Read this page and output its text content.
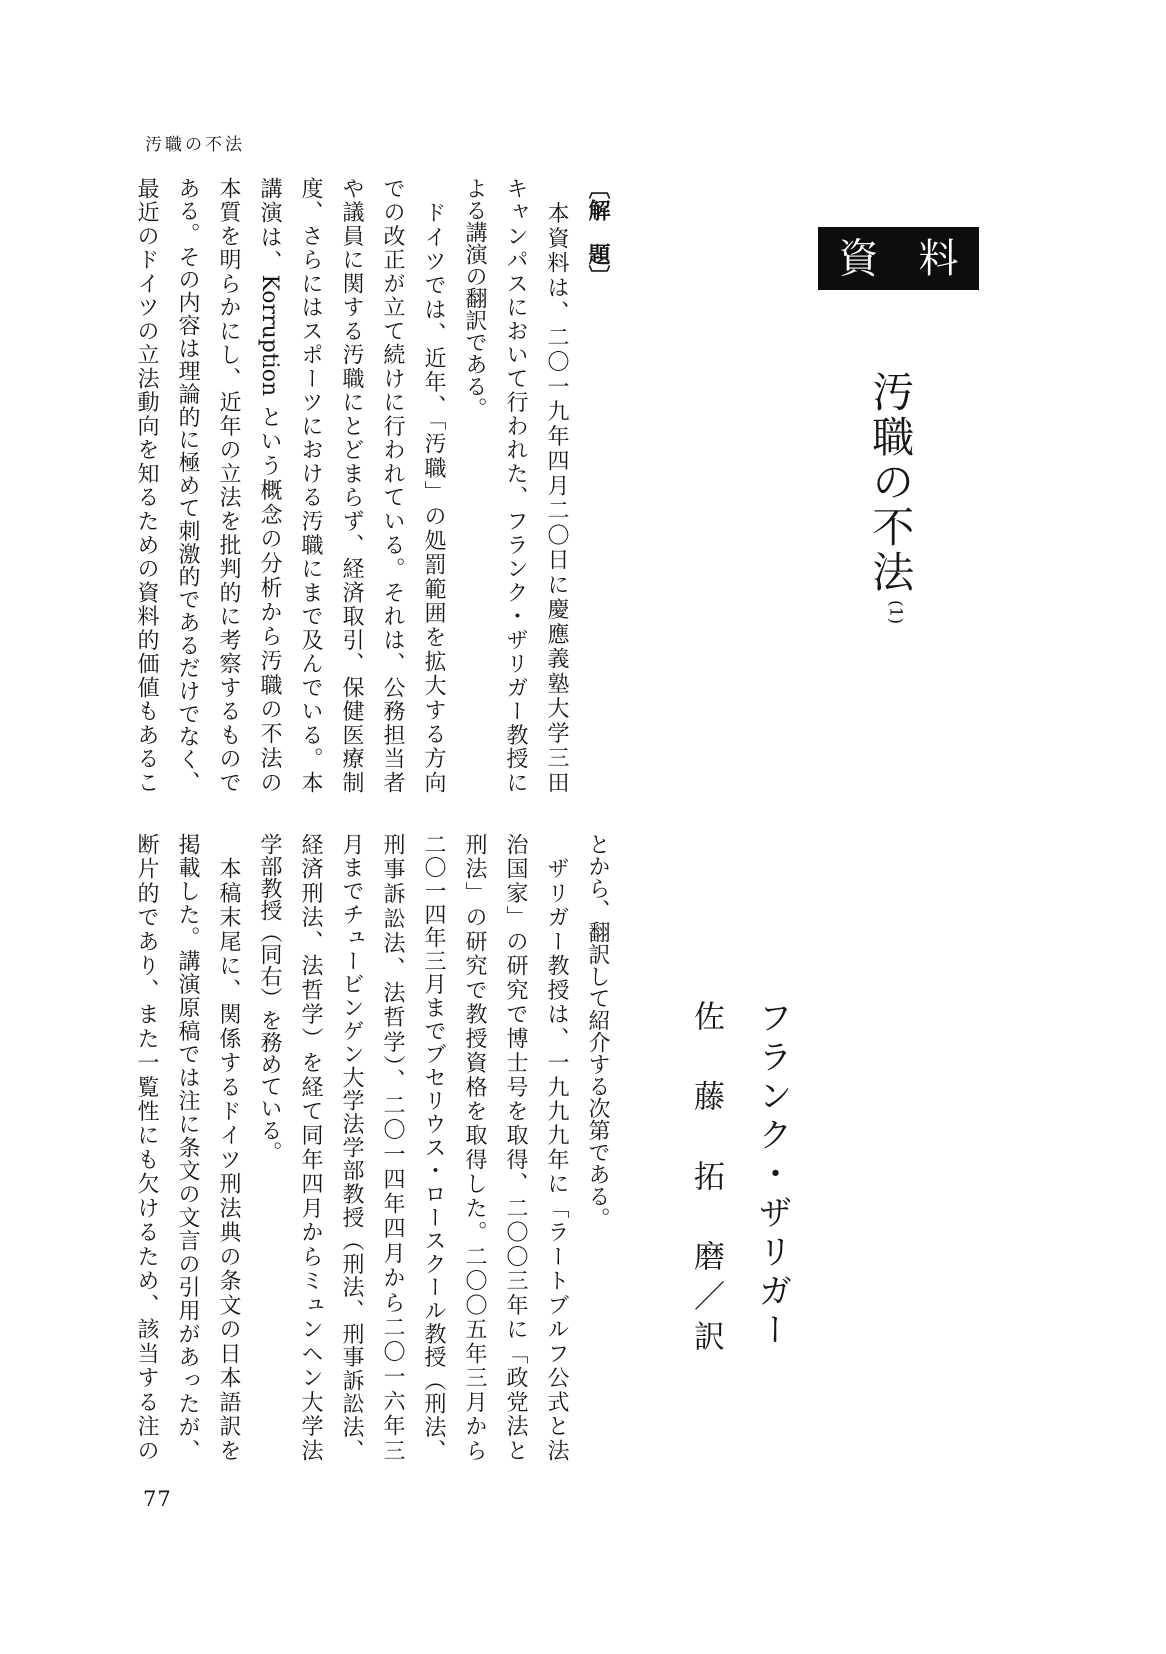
汚職の不法
資　料
汚職の不法(1)
フランク・ザリガー
佐　藤　拓　磨／訳
〔解　題〕
　本資料は、二〇一九年四月二〇日に慶應義塾大学三田
キャンパスにおいて行われた、フランク・ザリガー教授に
よる講演の翻訳である。
　ドイツでは、近年、「汚職」の処罰範囲を拡大する方向
での改正が立て続けに行われている。それは、公務担当者
や議員に関する汚職にとどまらず、経済取引、保健医療制
度、さらにはスポーツにおける汚職にまで及んでいる。本
講演は、Korruption という概念の分析から汚職の不法の
本質を明らかにし、近年の立法を批判的に考察するもので
ある。その内容は理論的に極めて刺激的であるだけでなく、
最近のドイツの立法動向を知るための資料的価値もあるこ
とから、翻訳して紹介する次第である。
　ザリガー教授は、一九九九年に「ラートブルフ公式と法
治国家」の研究で博士号を取得、二〇〇三年に「政党法と
刑法」の研究で教授資格を取得した。二〇〇五年三月から
二〇一四年三月までブセリウス・ロースクール教授（刑法、
刑事訴訟法、法哲学）、二〇一四年四月から二〇一六年三
月までチュービンゲン大学法学部教授（刑法、刑事訴訟法、
経済刑法、法哲学）を経て同年四月からミュンヘン大学法
学部教授（同右）を務めている。
　本稿末尾に、関係するドイツ刑法典の条文の日本語訳を
掲載した。講演原稿では注に条文の文言の引用があったが、
断片的であり、また一覧性にも欠けるため、該当する注の
77
